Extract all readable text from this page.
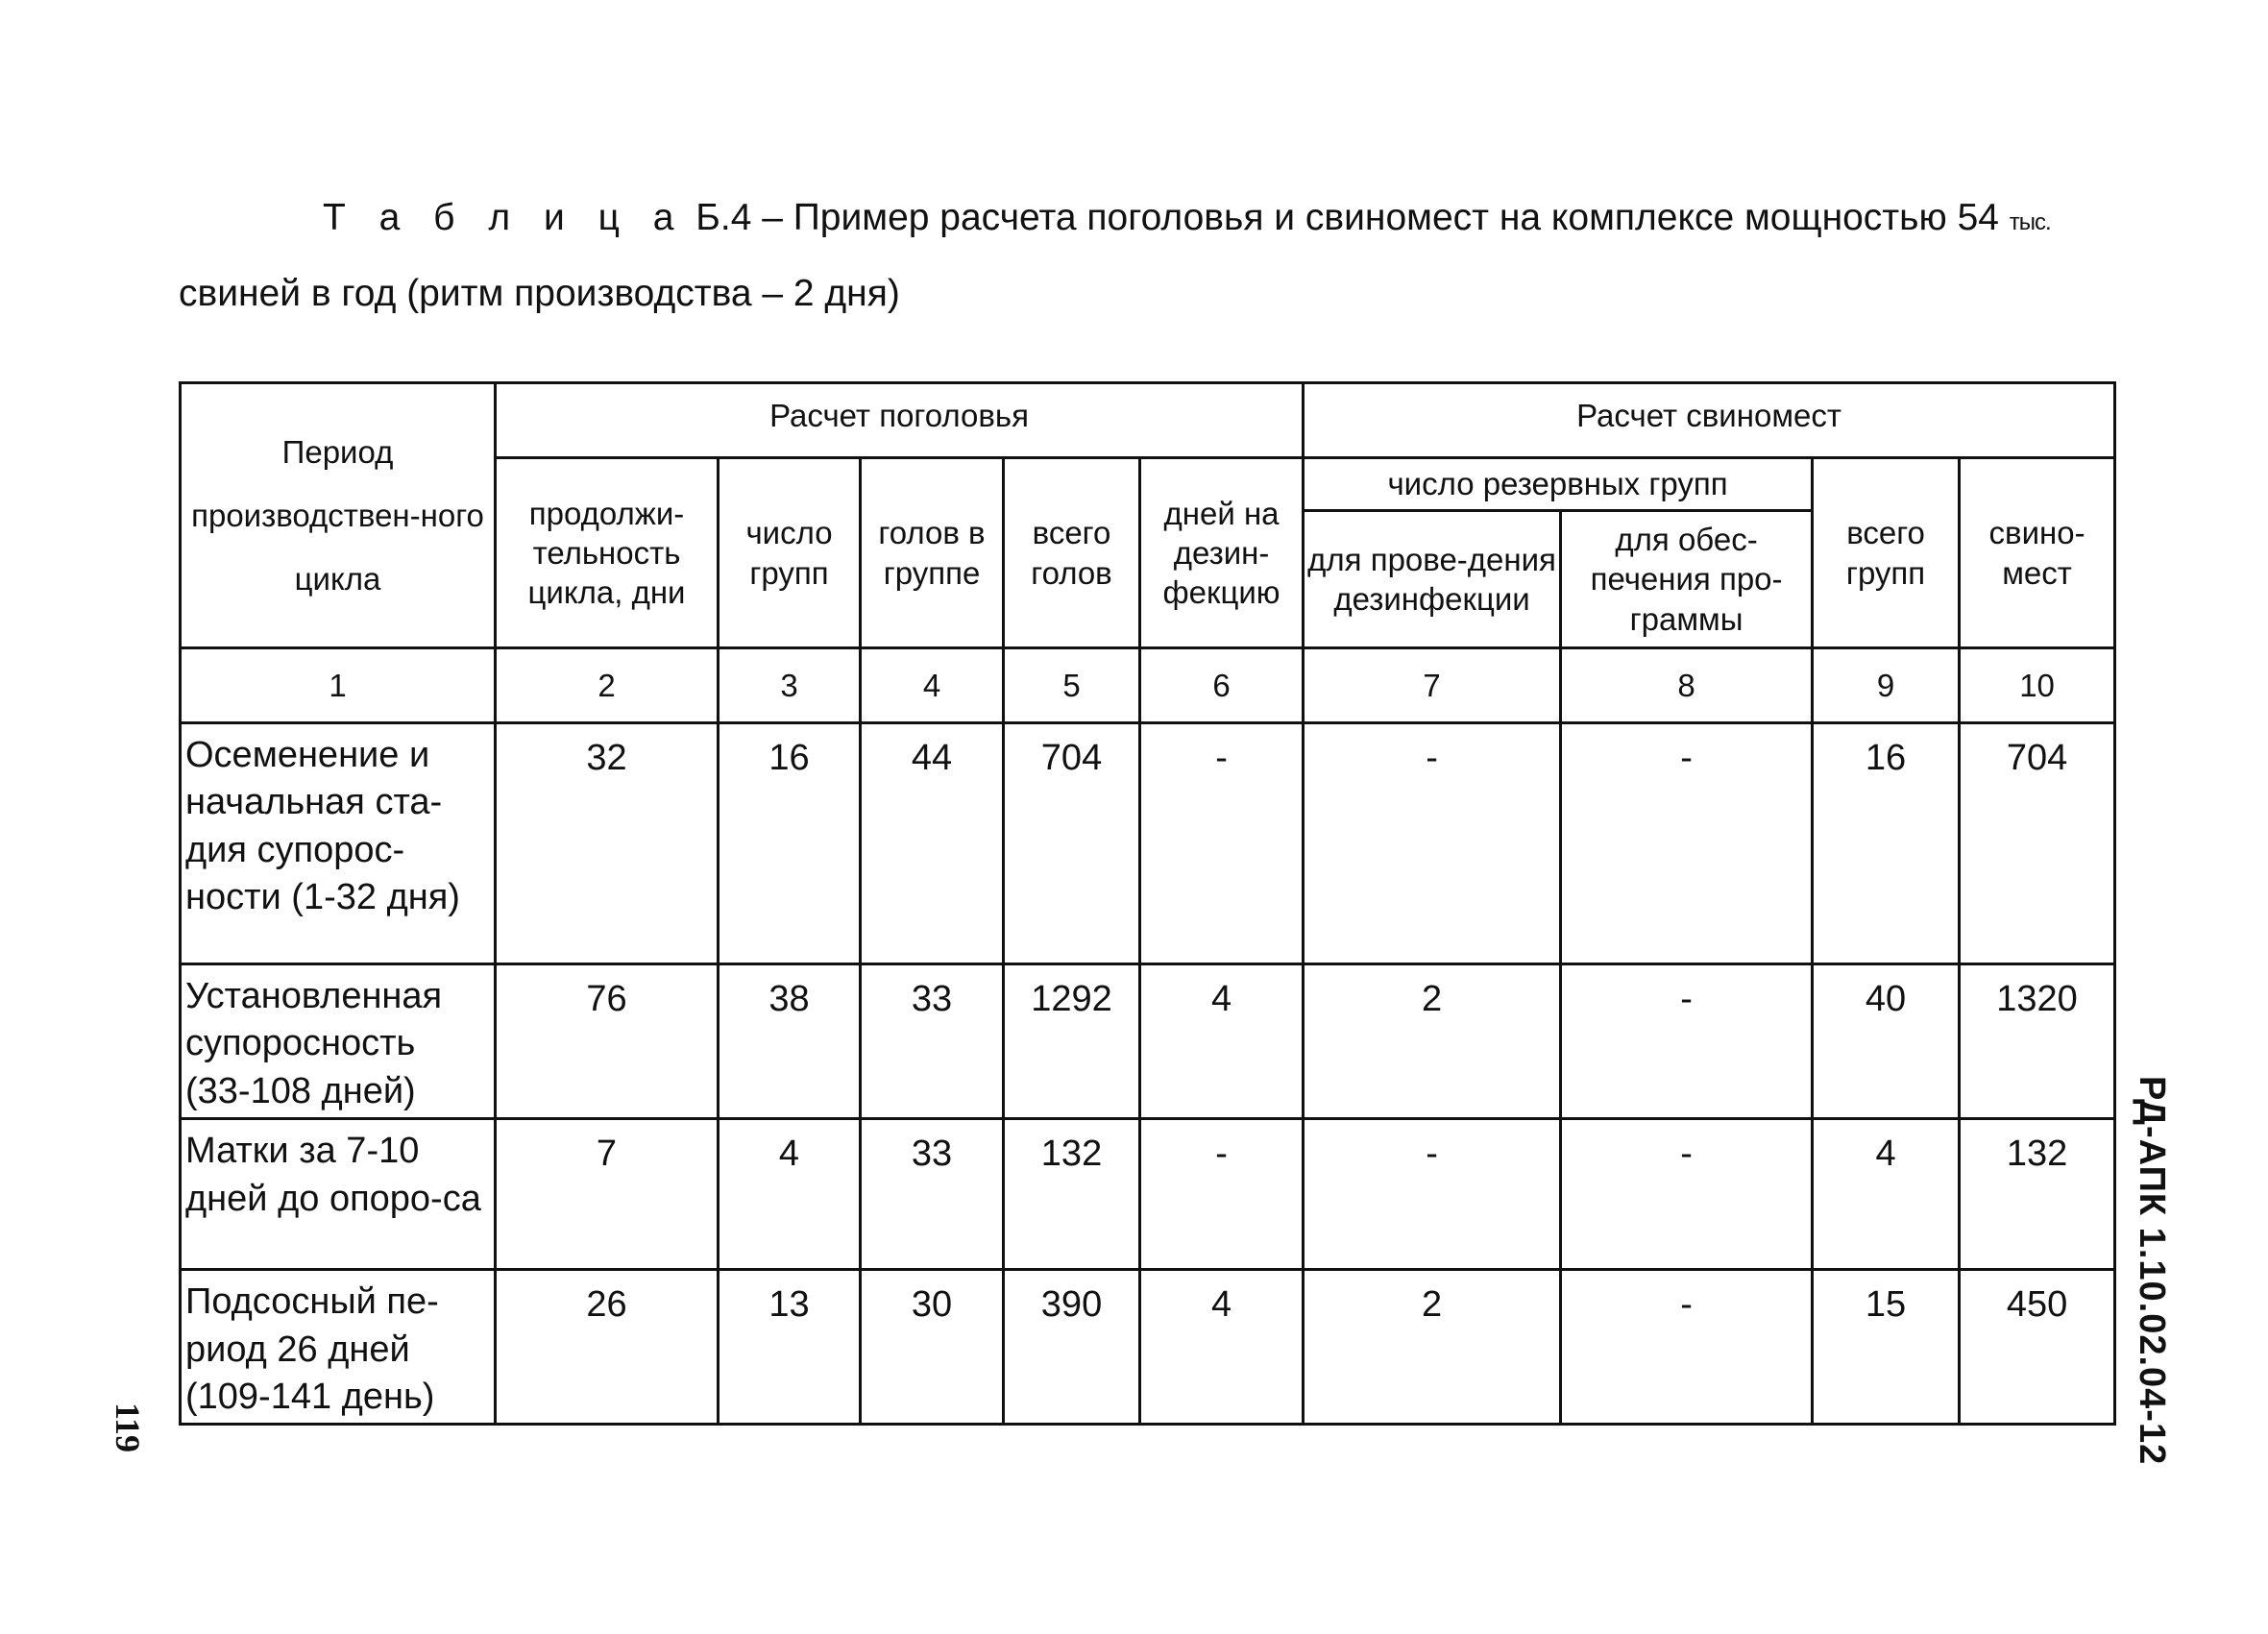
Т а б л и ц а Б.4 – Пример расчета поголовья и свиномест на комплексе мощностью 54 тыс.
свиней в год (ритм производства – 2 дня)
Период производствен-ного цикла	Расчет поголовья					Расчет свиномест			
	продолжи-тельность цикла, дни	число групп	голов в группе	всего голов	дней на дезин-фекцию	число резервных групп		всего групп	свино-мест
						для прове-дения дезинфекции	для обес-печения про-граммы		
1	2	3	4	5	6	7	8	9	10
Осеменение и начальная ста-дия супорос-ности (1-32 дня)	32	16	44	704	-	-	-	16	704
Установленная супоросность (33-108 дней)	76	38	33	1292	4	2	-	40	1320
Матки за 7-10 дней до опоро-са	7	4	33	132	-	-	-	4	132
Подсосный пе-риод 26 дней (109-141 день)	26	13	30	390	4	2	-	15	450 РД-АПК 1.10.02.04-12
119
